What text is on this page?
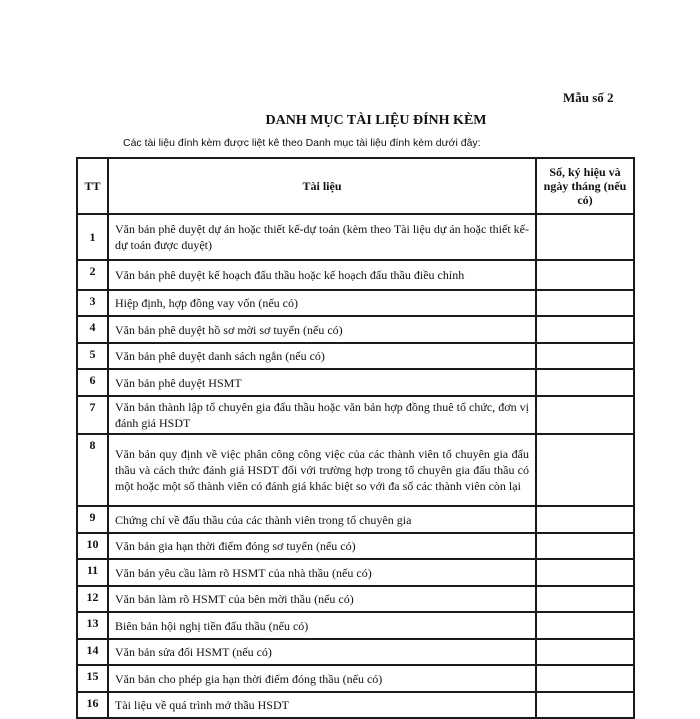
Mẫu số 2
DANH MỤC TÀI LIỆU ĐÍNH KÈM
Các tài liệu đính kèm được liệt kê theo Danh mục tài liệu đính kèm dưới đây:
TT	Tài liệu	Số, ký hiệu và ngày tháng (nếu có)
1	Văn bản phê duyệt dự án hoặc thiết kế-dự toán (kèm theo Tài liệu dự án hoặc thiết kế-dự toán được duyệt)	
2	Văn bản phê duyệt kế hoạch đấu thầu hoặc kế hoạch đấu thầu điều chỉnh	
3	Hiệp định, hợp đồng vay vốn (nếu có)	
4	Văn bản phê duyệt hồ sơ mời sơ tuyển (nếu có)	
5	Văn bản phê duyệt danh sách ngắn (nếu có)	
6	Văn bản phê duyệt HSMT	
7	Văn bản thành lập tổ chuyên gia đấu thầu hoặc văn bản hợp đồng thuê tổ chức, đơn vị đánh giá HSDT	
8	Văn bản quy định về việc phân công công việc của các thành viên tổ chuyên gia đấu thầu và cách thức đánh giá HSDT đối với trường hợp trong tổ chuyên gia đấu thầu có một hoặc một số thành viên có đánh giá khác biệt so với đa số các thành viên còn lại	
9	Chứng chỉ về đấu thầu của các thành viên trong tổ chuyên gia	
10	Văn bản gia hạn thời điểm đóng sơ tuyển (nếu có)	
11	Văn bản yêu cầu làm rõ HSMT của nhà thầu (nếu có)	
12	Văn bản làm rõ HSMT của bên mời thầu (nếu có)	
13	Biên bản hội nghị tiền đấu thầu (nếu có)	
14	Văn bản sửa đổi HSMT (nếu có)	
15	Văn bản cho phép gia hạn thời điểm đóng thầu (nếu có)	
16	Tài liệu về quá trình mở thầu HSDT	
